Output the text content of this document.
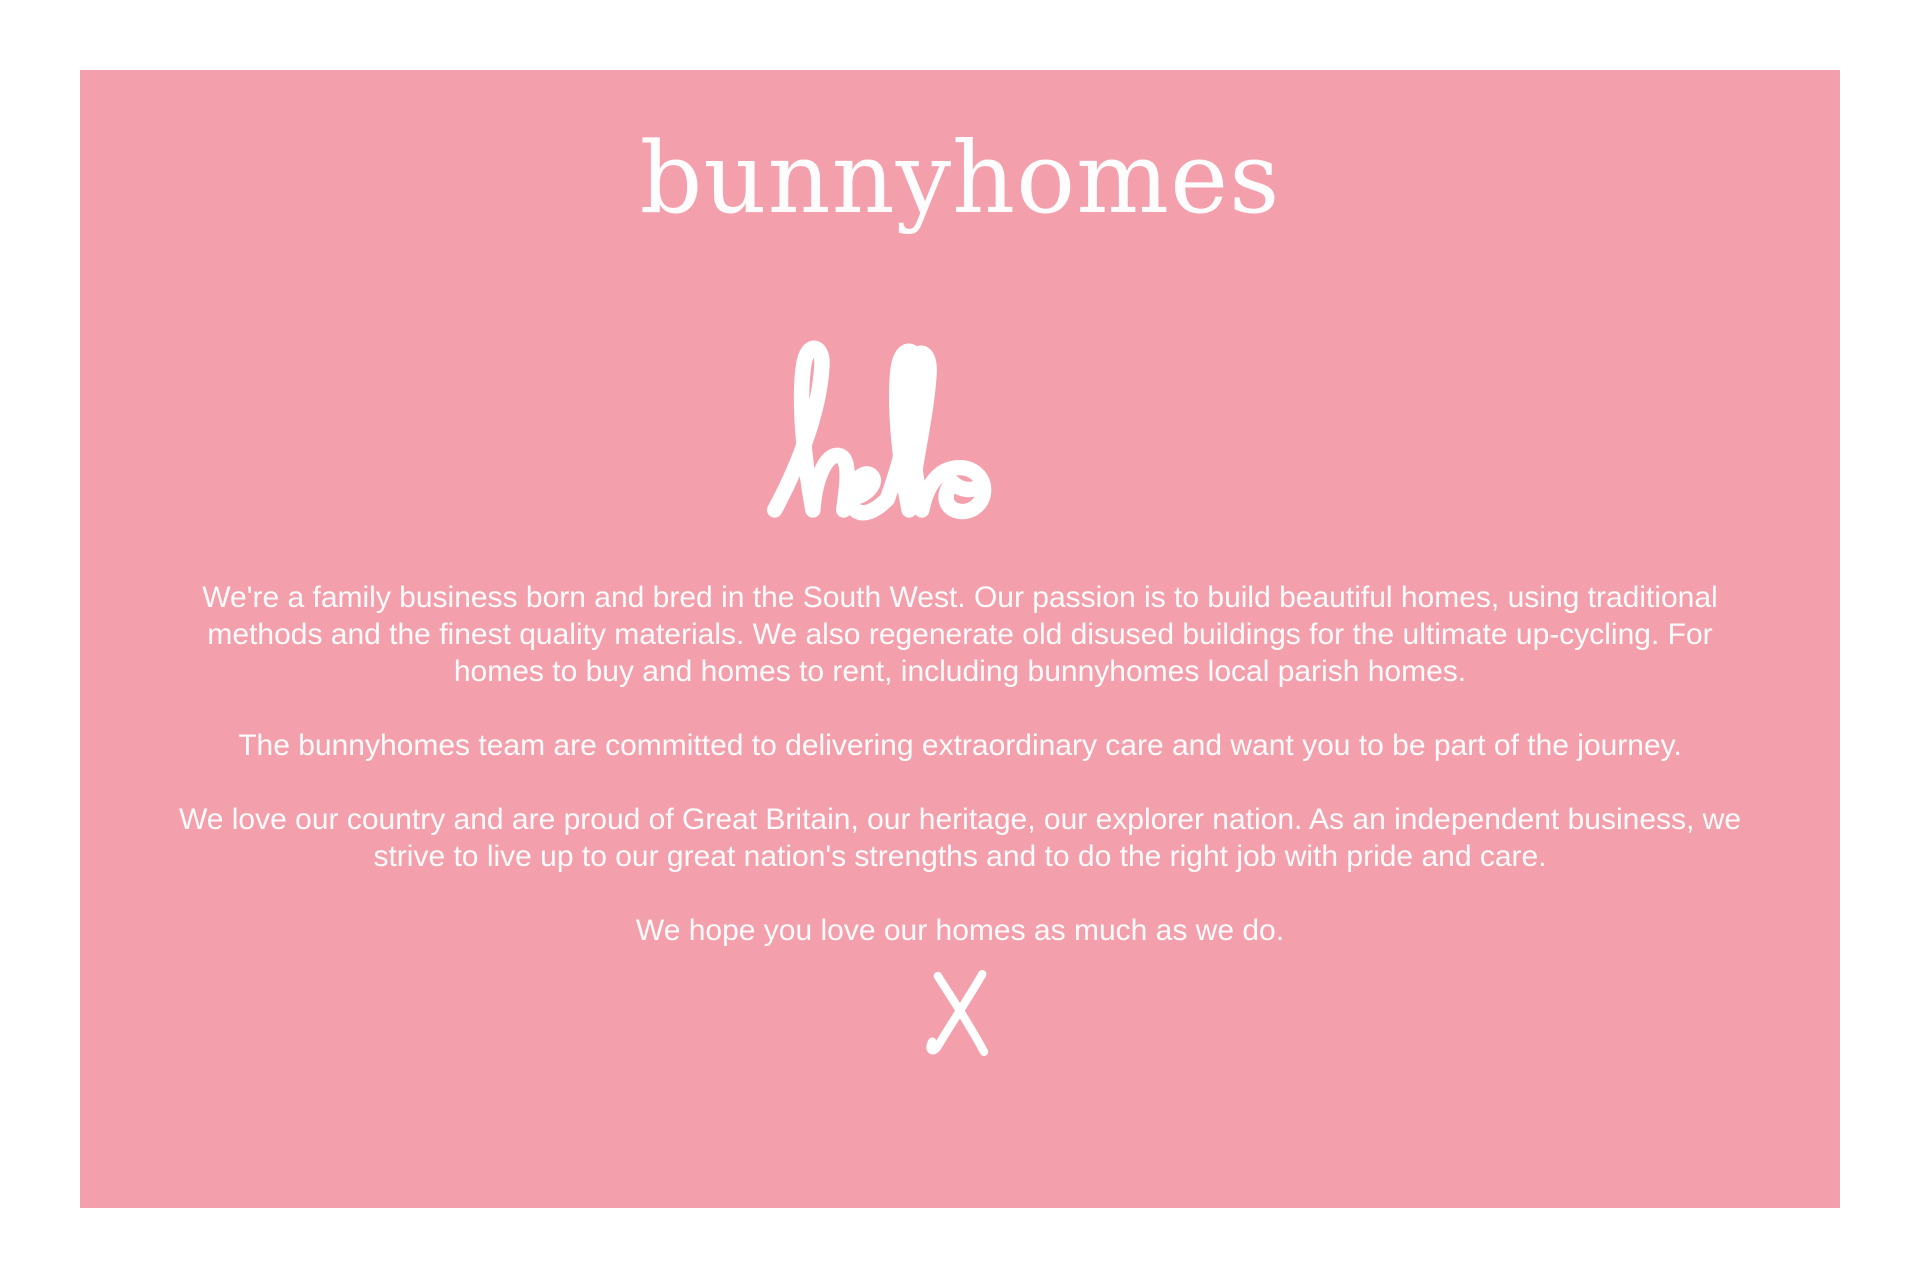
bunnyhomes

We're a family business born and bred in the South West. Our passion is to build beautiful homes, using traditional methods and the finest quality materials. We also regenerate old disused buildings for the ultimate up-cycling. For homes to buy and homes to rent, including bunnyhomes local parish homes.

The bunnyhomes team are committed to delivering extraordinary care and want you to be part of the journey.

We love our country and are proud of Great Britain, our heritage, our explorer nation. As an independent business, we strive to live up to our great nation's strengths and to do the right job with pride and care.

We hope you love our homes as much as we do.
